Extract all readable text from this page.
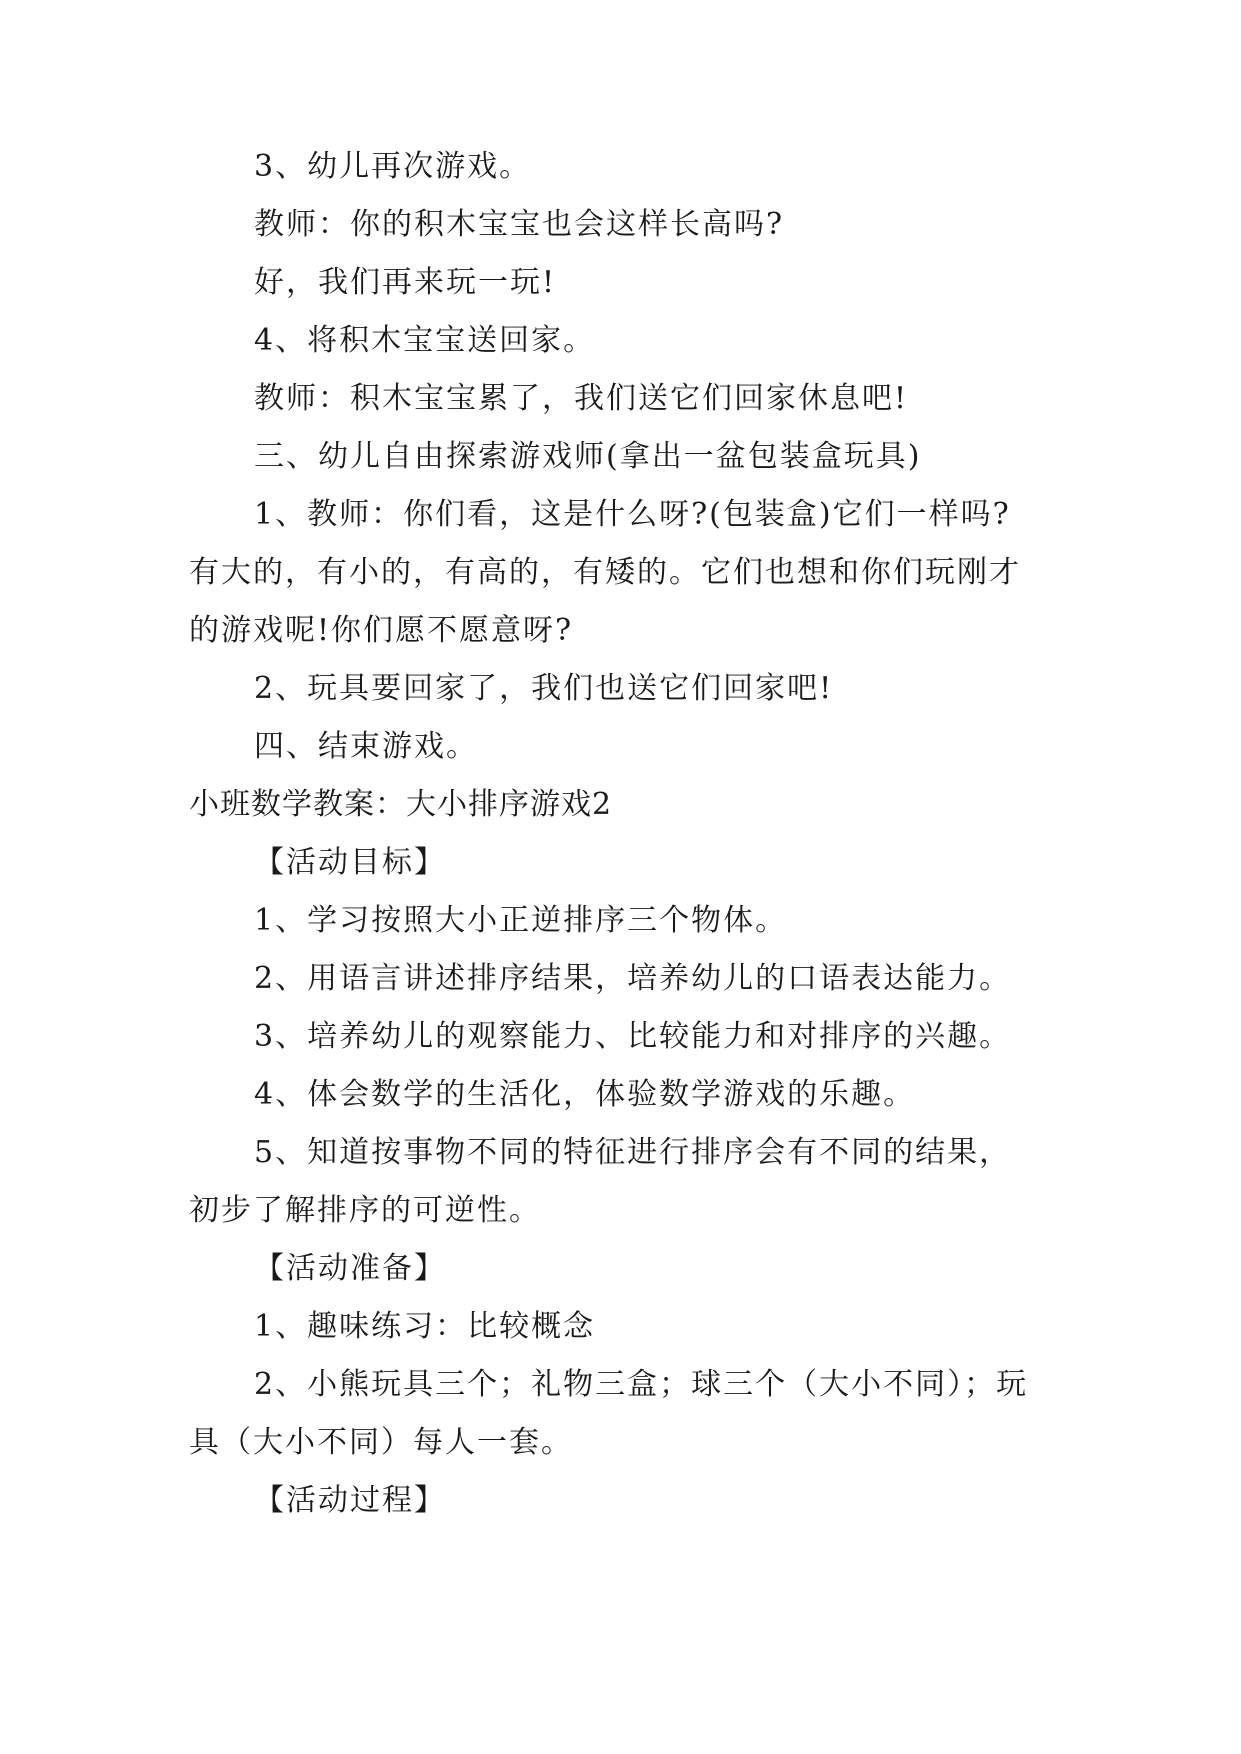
3、幼儿再次游戏。
教师：你的积木宝宝也会这样长高吗?
好，我们再来玩一玩!
4、将积木宝宝送回家。
教师：积木宝宝累了，我们送它们回家休息吧!
三、幼儿自由探索游戏师(拿出一盆包装盒玩具)
1、教师：你们看，这是什么呀?(包装盒)它们一样吗?
有大的，有小的，有高的，有矮的。它们也想和你们玩刚才
的游戏呢!你们愿不愿意呀?
2、玩具要回家了，我们也送它们回家吧!
四、结束游戏。
小班数学教案：大小排序游戏2
【活动目标】
1、学习按照大小正逆排序三个物体。
2、用语言讲述排序结果，培养幼儿的口语表达能力。
3、培养幼儿的观察能力、比较能力和对排序的兴趣。
4、体会数学的生活化，体验数学游戏的乐趣。
5、知道按事物不同的特征进行排序会有不同的结果，
初步了解排序的可逆性。
【活动准备】
1、趣味练习：比较概念
2、小熊玩具三个；礼物三盒；球三个（大小不同）；玩
具（大小不同）每人一套。
【活动过程】
